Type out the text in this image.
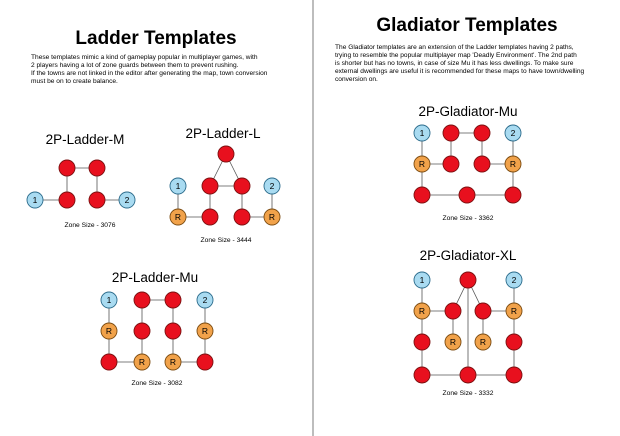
Ladder Templates

These templates mimic a kind of gameplay popular in multiplayer games, with

2 players having a lot of zone guards between them to prevent rushing.

If the towns are not linked in the editor after generating the map, town conversion

must be on to create balance.

2P-Ladder-M
1	2
Zone Size - 3076
2P-Ladder-L
1	2
R	R
Zone Size - 3444
2P-Ladder-Mu
1	2
R	R
R	R
Zone Size - 3082
Gladiator Templates

The Gladiator templates are an extension of the Ladder templates having 2 paths,

trying to resemble the popular multiplayer map 'Deadly Environment'. The 2nd path

is shorter but has no towns, in case of size Mu it has less dwellings. To make sure

external dwellings are useful it is recommended for these maps to have town/dwelling

conversion on.

2P-Gladiator-Mu
1	2
R	R
Zone Size - 3362
2P-Gladiator-XL
1	2
R	R
R	R
Zone Size - 3332
